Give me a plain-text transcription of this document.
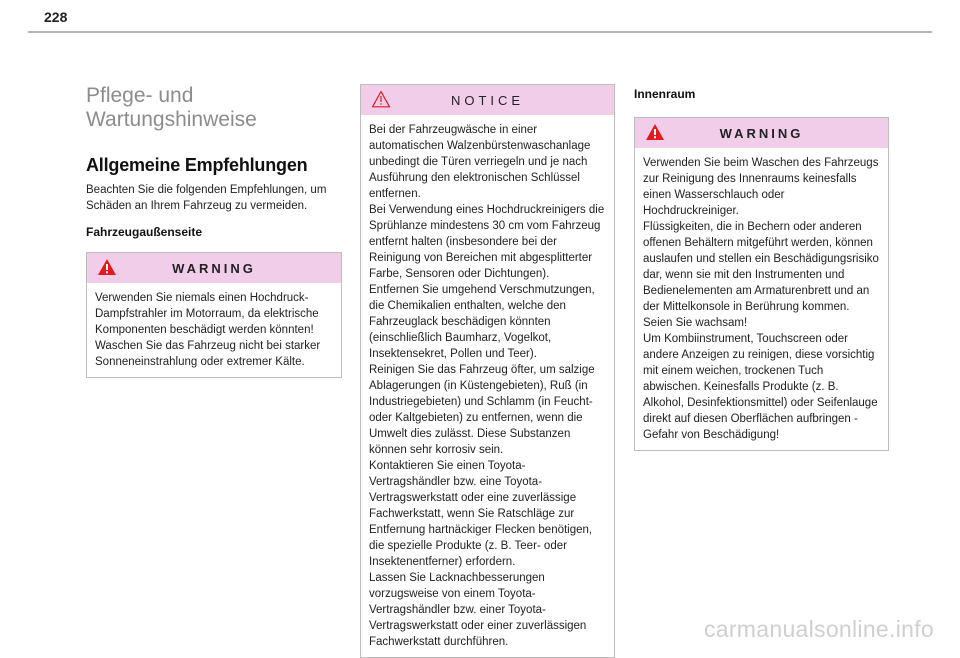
228
Pflege- und Wartungshinweise
Allgemeine Empfehlungen

Beachten Sie die folgenden Empfehlungen, um Schäden an Ihrem Fahrzeug zu vermeiden.

Fahrzeugaußenseite
WARNING

Verwenden Sie niemals einen Hochdruck-Dampfstrahler im Motorraum, da elektrische Komponenten beschädigt werden könnten! Waschen Sie das Fahrzeug nicht bei starker Sonneneinstrahlung oder extremer Kälte.

NOTICE

Bei der Fahrzeugwäsche in einer automatischen Walzenbürstenwaschanlage unbedingt die Türen verriegeln und je nach Ausführung den elektronischen Schlüssel entfernen.

Bei Verwendung eines Hochdruckreinigers die Sprühlanze mindestens 30 cm vom Fahrzeug entfernt halten (insbesondere bei der Reinigung von Bereichen mit abgesplitterter Farbe, Sensoren oder Dichtungen).

Entfernen Sie umgehend Verschmutzungen, die Chemikalien enthalten, welche den Fahrzeuglack beschädigen könnten (einschließlich Baumharz, Vogelkot, Insektensekret, Pollen und Teer).

Reinigen Sie das Fahrzeug öfter, um salzige Ablagerungen (in Küstengebieten), Ruß (in Industriegebieten) und Schlamm (in Feucht- oder Kaltgebieten) zu entfernen, wenn die Umwelt dies zulässt. Diese Substanzen können sehr korrosiv sein.

Kontaktieren Sie einen Toyota-Vertragshändler bzw. eine Toyota-Vertragswerkstatt oder eine zuverlässige Fachwerkstatt, wenn Sie Ratschläge zur Entfernung hartnäckiger Flecken benötigen, die spezielle Produkte (z. B. Teer- oder Insektenentferner) erfordern.

Lassen Sie Lacknachbesserungen vorzugsweise von einem Toyota-Vertragshändler bzw. einer Toyota-Vertragswerkstatt oder einer zuverlässigen Fachwerkstatt durchführen.

Innenraum
WARNING

Verwenden Sie beim Waschen des Fahrzeugs zur Reinigung des Innenraums keinesfalls einen Wasserschlauch oder Hochdruckreiniger.

Flüssigkeiten, die in Bechern oder anderen offenen Behältern mitgeführt werden, können auslaufen und stellen ein Beschädigungsrisiko dar, wenn sie mit den Instrumenten und Bedienelementen am Armaturenbrett und an der Mittelkonsole in Berührung kommen. Seien Sie wachsam!

Um Kombiinstrument, Touchscreen oder andere Anzeigen zu reinigen, diese vorsichtig mit einem weichen, trockenen Tuch abwischen. Keinesfalls Produkte (z. B. Alkohol, Desinfektionsmittel) oder Seifenlauge direkt auf diesen Oberflächen aufbringen - Gefahr von Beschädigung!

carmanualsonline.info
